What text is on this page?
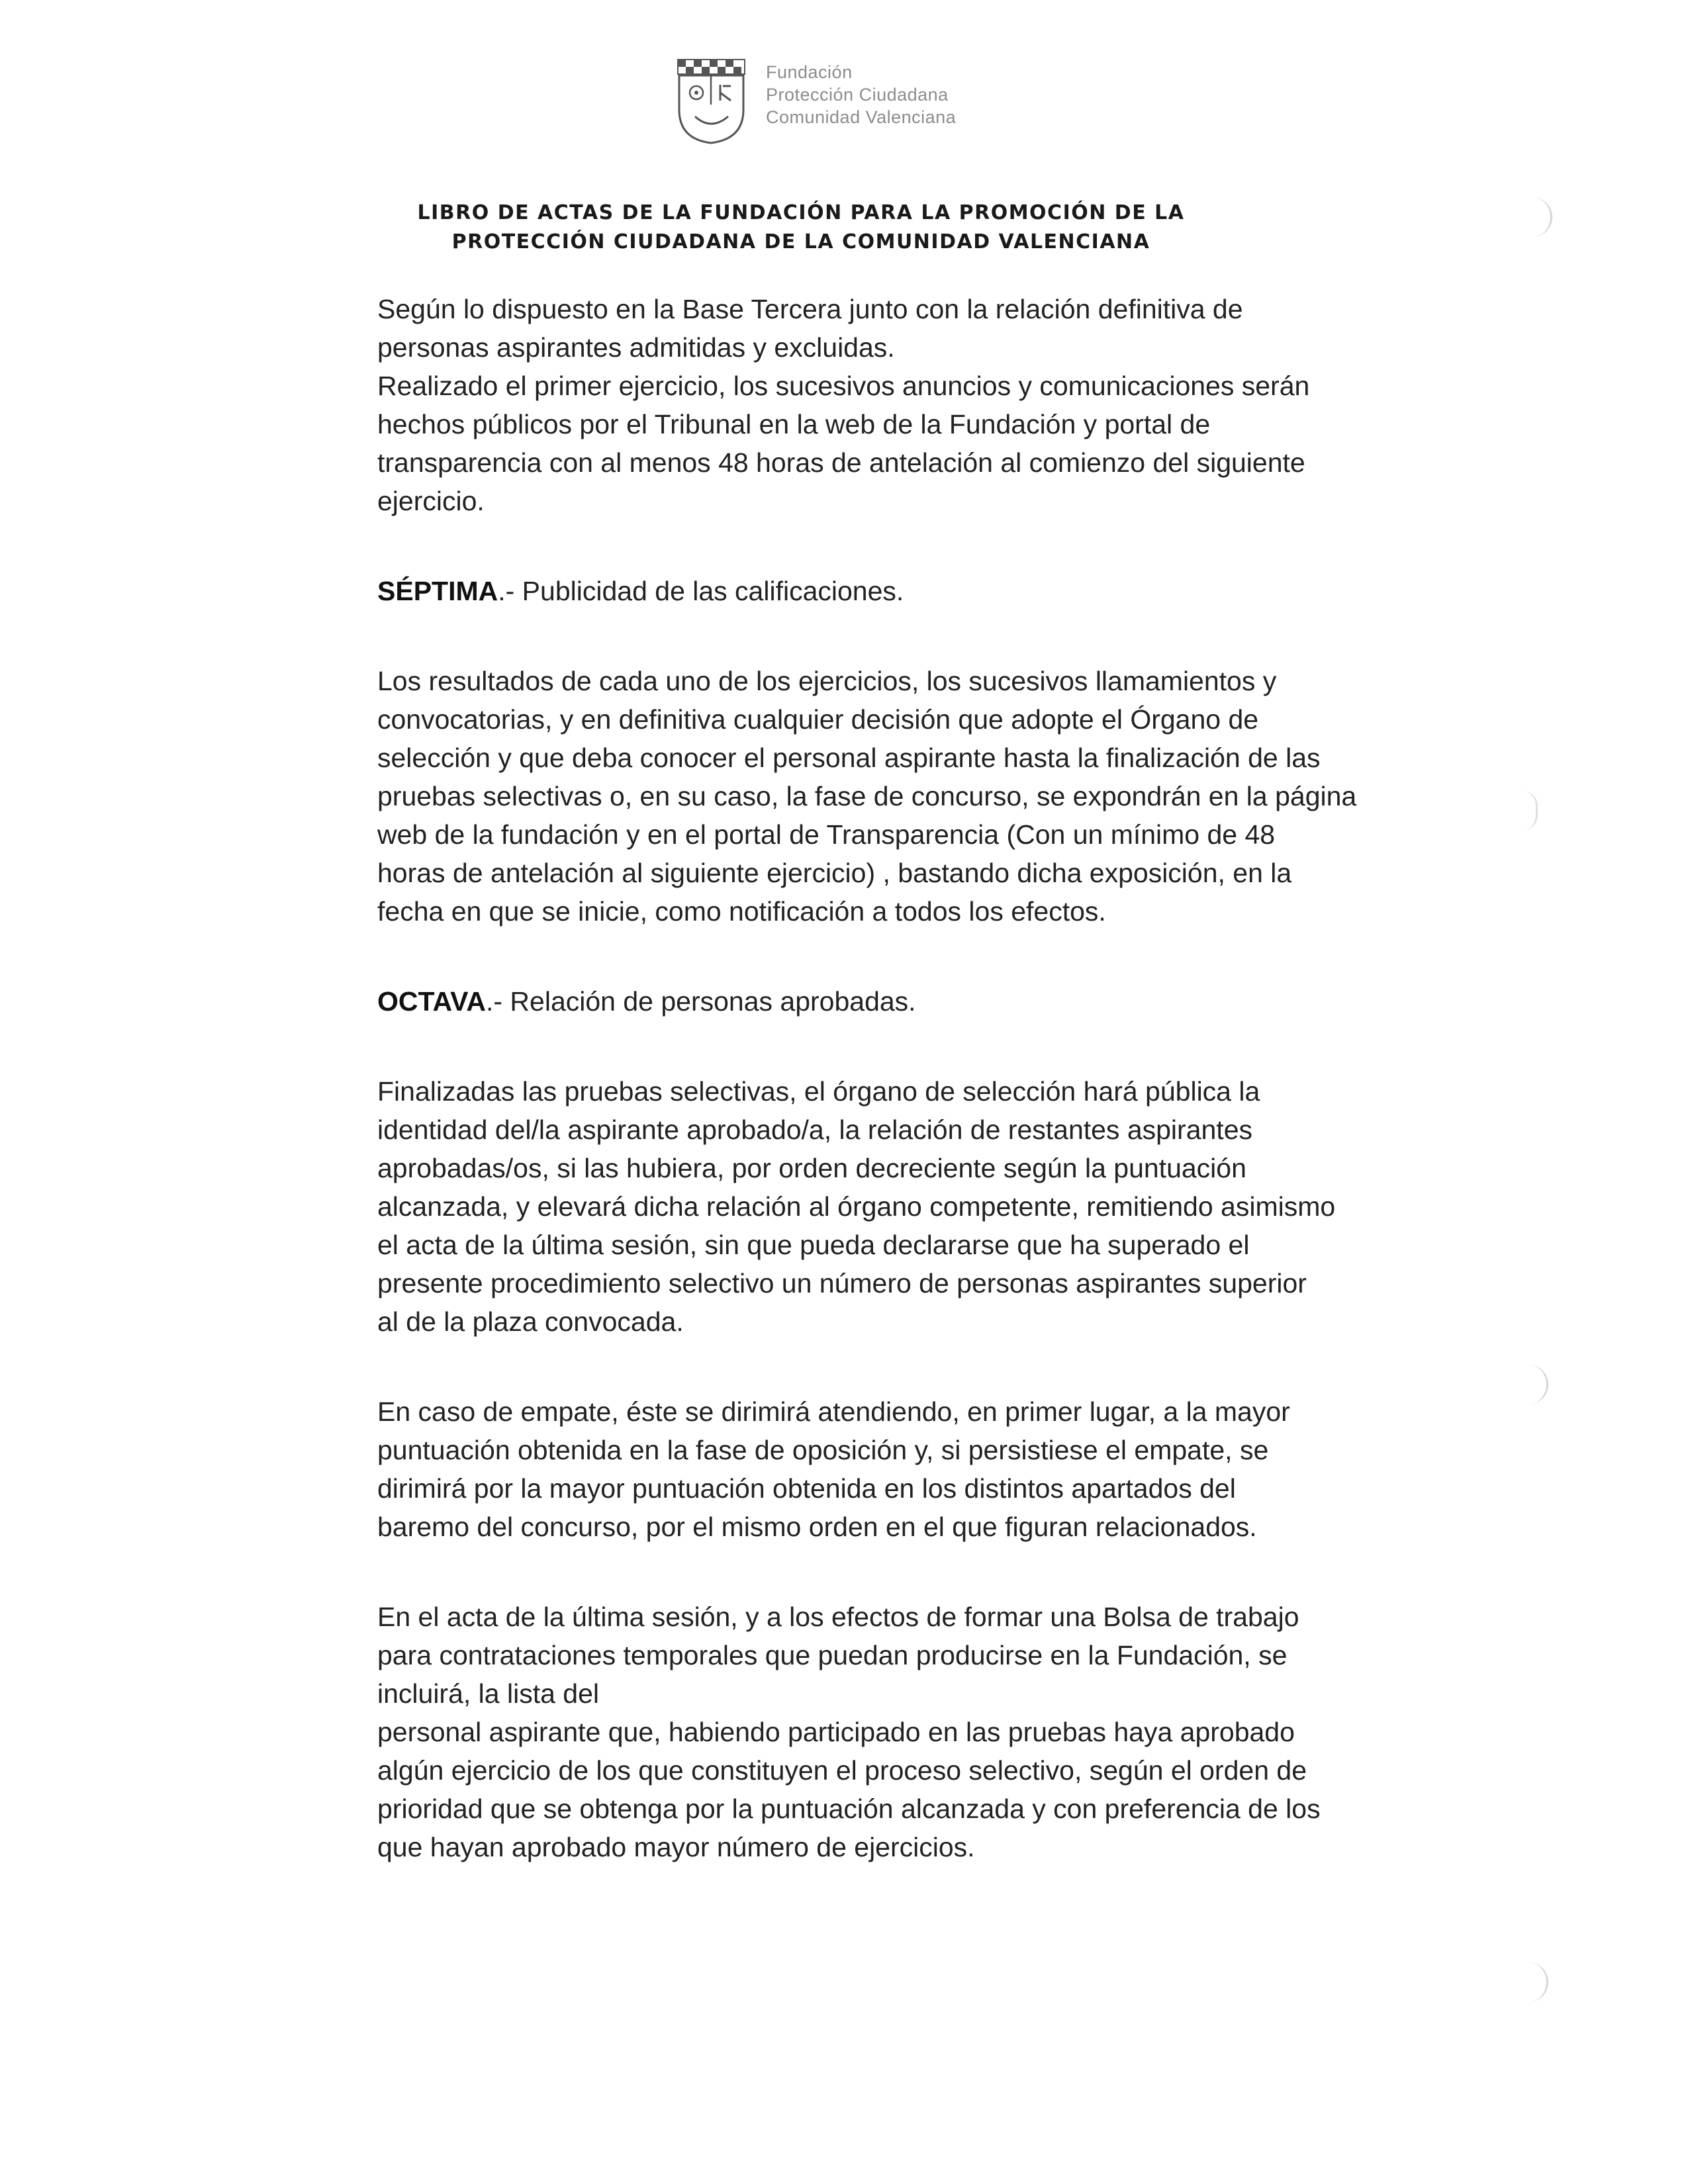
Fundación
Protección Ciudadana
Comunidad Valenciana
LIBRO DE ACTAS DE LA FUNDACIÓN PARA LA PROMOCIÓN DE LA
PROTECCIÓN CIUDADANA DE LA COMUNIDAD VALENCIANA

Según lo dispuesto en la Base Tercera junto con la relación definitiva de
personas aspirantes admitidas y excluidas.

Realizado el primer ejercicio, los sucesivos anuncios y comunicaciones serán
hechos públicos por el Tribunal en la web de la Fundación y portal de
transparencia con al menos 48 horas de antelación al comienzo del siguiente
ejercicio.

SÉPTIMA.- Publicidad de las calificaciones.

Los resultados de cada uno de los ejercicios, los sucesivos llamamientos y
convocatorias, y en definitiva cualquier decisión que adopte el Órgano de
selección y que deba conocer el personal aspirante hasta la finalización de las
pruebas selectivas o, en su caso, la fase de concurso, se expondrán en la página
web de la fundación y en el portal de Transparencia (Con un mínimo de 48
horas de antelación al siguiente ejercicio) , bastando dicha exposición, en la
fecha en que se inicie, como notificación a todos los efectos.

OCTAVA.- Relación de personas aprobadas.

Finalizadas las pruebas selectivas, el órgano de selección hará pública la
identidad del/la aspirante aprobado/a, la relación de restantes aspirantes
aprobadas/os, si las hubiera, por orden decreciente según la puntuación
alcanzada, y elevará dicha relación al órgano competente, remitiendo asimismo
el acta de la última sesión, sin que pueda declararse que ha superado el
presente procedimiento selectivo un número de personas aspirantes superior
al de la plaza convocada.

En caso de empate, éste se dirimirá atendiendo, en primer lugar, a la mayor
puntuación obtenida en la fase de oposición y, si persistiese el empate, se
dirimirá por la mayor puntuación obtenida en los distintos apartados del
baremo del concurso, por el mismo orden en el que figuran relacionados.

En el acta de la última sesión, y a los efectos de formar una Bolsa de trabajo
para contrataciones temporales que puedan producirse en la Fundación, se
incluirá, la lista del

personal aspirante que, habiendo participado en las pruebas haya aprobado
algún ejercicio de los que constituyen el proceso selectivo, según el orden de
prioridad que se obtenga por la puntuación alcanzada y con preferencia de los
que hayan aprobado mayor número de ejercicios.
